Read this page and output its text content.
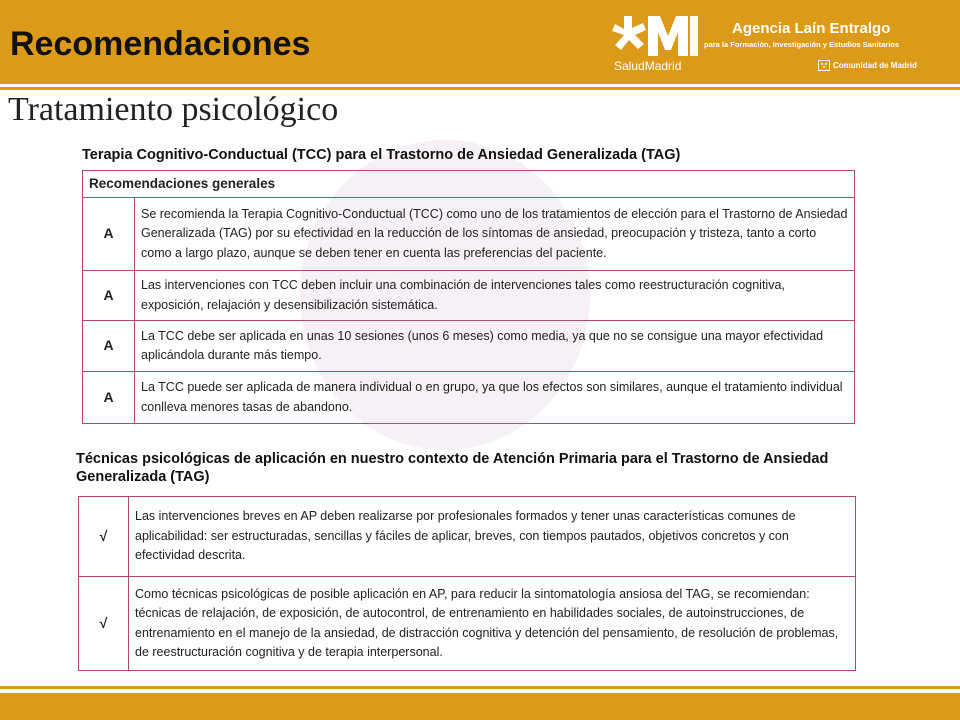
Recomendaciones
SaludMadrid
Agencia Laín Entralgo
para la Formación, Investigación y Estudios Sanitarios
Comunidad de Madrid
Tratamiento psicológico
Terapia Cognitivo-Conductual (TCC) para el Trastorno de Ansiedad Generalizada (TAG)
Recomendaciones generales	
A	Se recomienda la Terapia Cognitivo-Conductual (TCC) como uno de los tratamientos de elección para el Trastorno de Ansiedad Generalizada (TAG) por su efectividad en la reducción de los síntomas de ansiedad, preocupación y tristeza, tanto a corto como a largo plazo, aunque se deben tener en cuenta las preferencias del paciente.
A	Las intervenciones con TCC deben incluir una combinación de intervenciones tales como reestructuración cognitiva, exposición, relajación y desensibilización sistemática.
A	La TCC debe ser aplicada en unas 10 sesiones (unos 6 meses) como media, ya que no se consigue una mayor efectividad aplicándola durante más tiempo.
A	La TCC puede ser aplicada de manera individual o en grupo, ya que los efectos son similares, aunque el tratamiento individual conlleva menores tasas de abandono.
Técnicas psicológicas de aplicación en nuestro contexto de Atención Primaria para el Trastorno de Ansiedad Generalizada (TAG)
√	Las intervenciones breves en AP deben realizarse por profesionales formados y tener unas características comunes de aplicabilidad: ser estructuradas, sencillas y fáciles de aplicar, breves, con tiempos pautados, objetivos concretos y con efectividad descrita.
√	Como técnicas psicológicas de posible aplicación en AP, para reducir la sintomatología ansiosa del TAG, se recomiendan: técnicas de relajación, de exposición, de autocontrol, de entrenamiento en habilidades sociales, de autoinstrucciones, de entrenamiento en el manejo de la ansiedad, de distracción cognitiva y detención del pensamiento, de resolución de problemas, de reestructuración cognitiva y de terapia interpersonal.
